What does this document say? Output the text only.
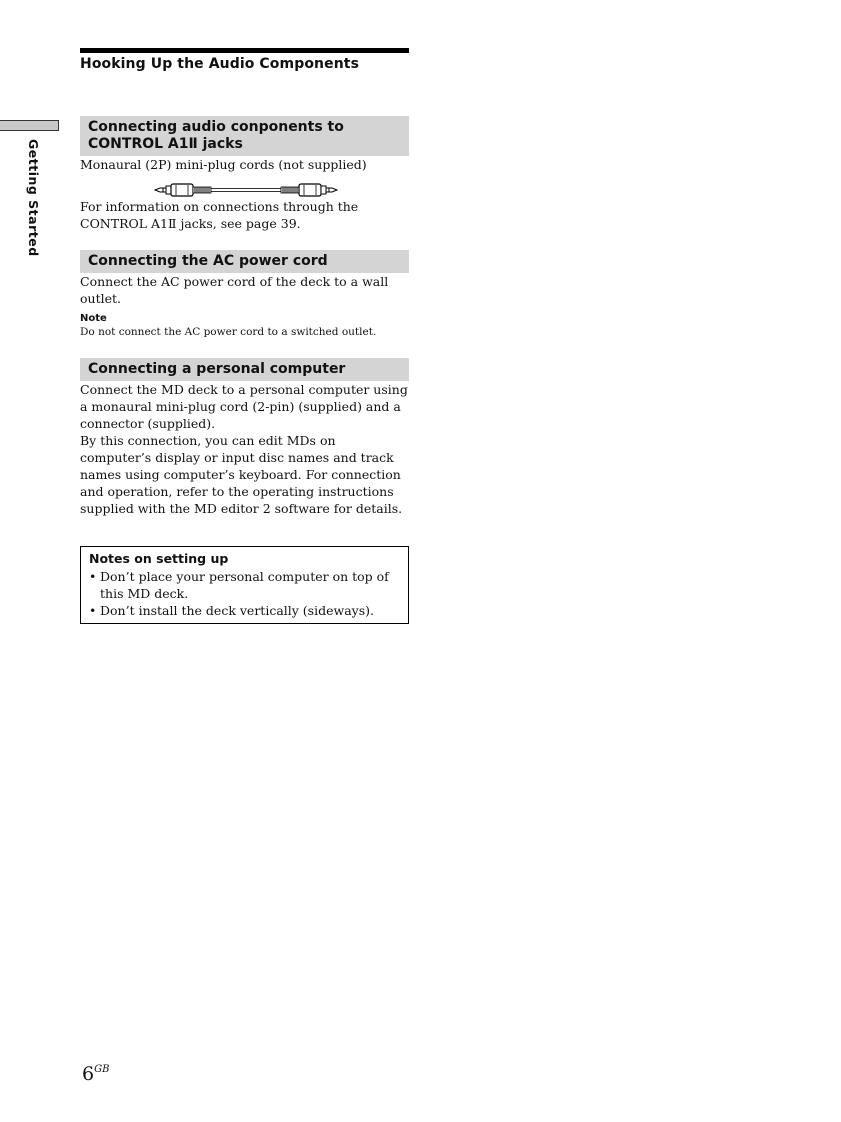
Hooking Up the Audio Components
Getting Started
Connecting audio conponents to CONTROL A1Ⅱ jacks

Monaural (2P) mini-plug cords (not supplied)

For information on connections through the CONTROL A1Ⅱ jacks, see page 39.

Connecting the AC power cord

Connect the AC power cord of the deck to a wall outlet.

Note
Do not connect the AC power cord to a switched outlet.
Connecting a personal computer

Connect the MD deck to a personal computer using a monaural mini-plug cord (2-pin) (supplied) and a connector (supplied).

By this connection, you can edit MDs on computer’s display or input disc names and track names using computer’s keyboard. For connection and operation, refer to the operating instructions supplied with the MD editor 2 software for details.

Notes on setting up
• Don’t place your personal computer on top of this MD deck.
• Don’t install the deck vertically (sideways).
$6^{GB}$
